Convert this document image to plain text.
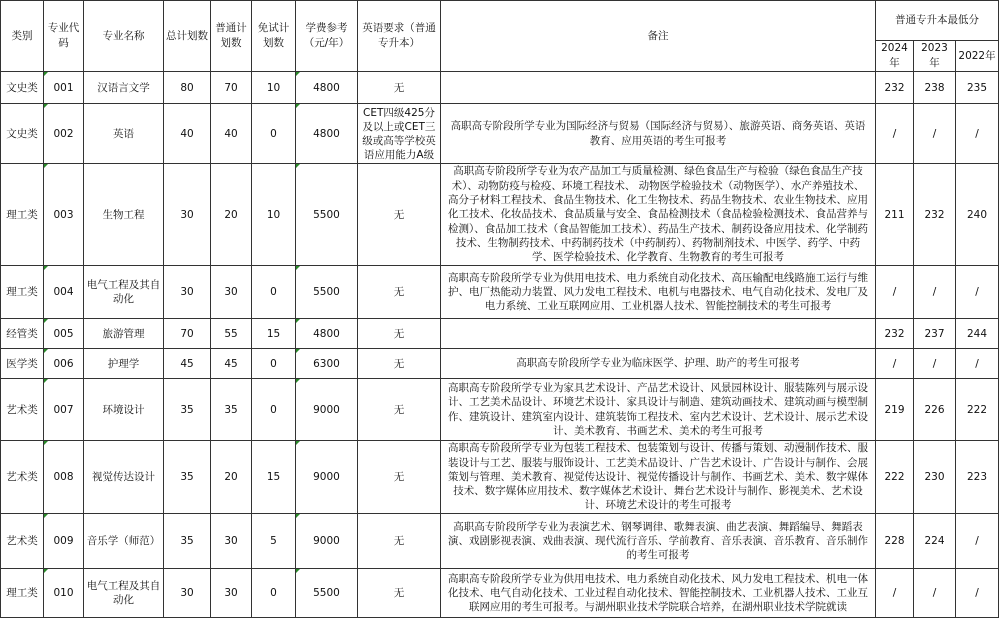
类别	专业代码	专业名称	总计划数	普通计划数	免试计划数	学费参考（元/年）	英语要求（普通专升本）	备注	普通专升本最低分		
									2024年	2023年	2022年
文史类	001	汉语言文学	80	70	10	4800	无		232	238	235
文史类	002	英语	40	40	0	4800	CET四级425分及以上或CET三级或高等学校英语应用能力A级	高职高专阶段所学专业为国际经济与贸易（国际经济与贸易）、旅游英语、商务英语、英语教育、应用英语的考生可报考	/	/	/
理工类	003	生物工程	30	20	10	5500	无	高职高专阶段所学专业为农产品加工与质量检测、绿色食品生产与检验（绿色食品生产技术）、动物防疫与检疫、环境工程技术、 动物医学检验技术（动物医学）、水产养殖技术、高分子材料工程技术、食品生物技术、化工生物技术、药品生物技术、农业生物技术、应用化工技术、化妆品技术、食品质量与安全、食品检测技术（食品检验检测技术、食品营养与检测）、食品加工技术（食品智能加工技术）、药品生产技术、制药设备应用技术、化学制药技术、生物制药技术、中药制药技术（中药制药）、药物制剂技术、中医学、药学、中药学、医学检验技术、化学教育、生物教育的考生可报考	211	232	240
理工类	004	电气工程及其自动化	30	30	0	5500	无	高职高专阶段所学专业为供用电技术、电力系统自动化技术、高压输配电线路施工运行与维护、电厂热能动力装置、风力发电工程技术、电机与电器技术、电气自动化技术、发电厂及电力系统、工业互联网应用、工业机器人技术、智能控制技术的考生可报考	/	/	/
经管类	005	旅游管理	70	55	15	4800	无		232	237	244
医学类	006	护理学	45	45	0	6300	无	高职高专阶段所学专业为临床医学、护理、助产的考生可报考	/	/	/
艺术类	007	环境设计	35	35	0	9000	无	高职高专阶段所学专业为家具艺术设计、产品艺术设计、风景园林设计、服装陈列与展示设计、工艺美术品设计、环境艺术设计、家具设计与制造、建筑动画技术、建筑动画与模型制作、建筑设计、建筑室内设计、建筑装饰工程技术、室内艺术设计、艺术设计、展示艺术设计、美术教育、书画艺术、美术的考生可报考	219	226	222
艺术类	008	视觉传达设计	35	20	15	9000	无	高职高专阶段所学专业为包装工程技术、包装策划与设计、传播与策划、动漫制作技术、服装设计与工艺、服装与服饰设计、工艺美术品设计、广告艺术设计、广告设计与制作、会展策划与管理、美术教育、视觉传达设计、视觉传播设计与制作、书画艺术、美术、数字媒体技术、数字媒体应用技术、数字媒体艺术设计、舞台艺术设计与制作、影视美术、艺术设计、环境艺术设计的考生可报考	222	230	223
艺术类	009	音乐学（师范）	35	30	5	9000	无	高职高专阶段所学专业为表演艺术、钢琴调律、歌舞表演、曲艺表演、舞蹈编导、舞蹈表演、戏剧影视表演、戏曲表演、现代流行音乐、学前教育、音乐表演、音乐教育、音乐制作的考生可报考	228	224	/
理工类	010	电气工程及其自动化	30	30	0	5500	无	高职高专阶段所学专业为供用电技术、电力系统自动化技术、风力发电工程技术、机电一体化技术、电气自动化技术、工业过程自动化技术、智能控制技术、工业机器人技术、工业互联网应用的考生可报考。与湖州职业技术学院联合培养，在湖州职业技术学院就读	/	/	/
